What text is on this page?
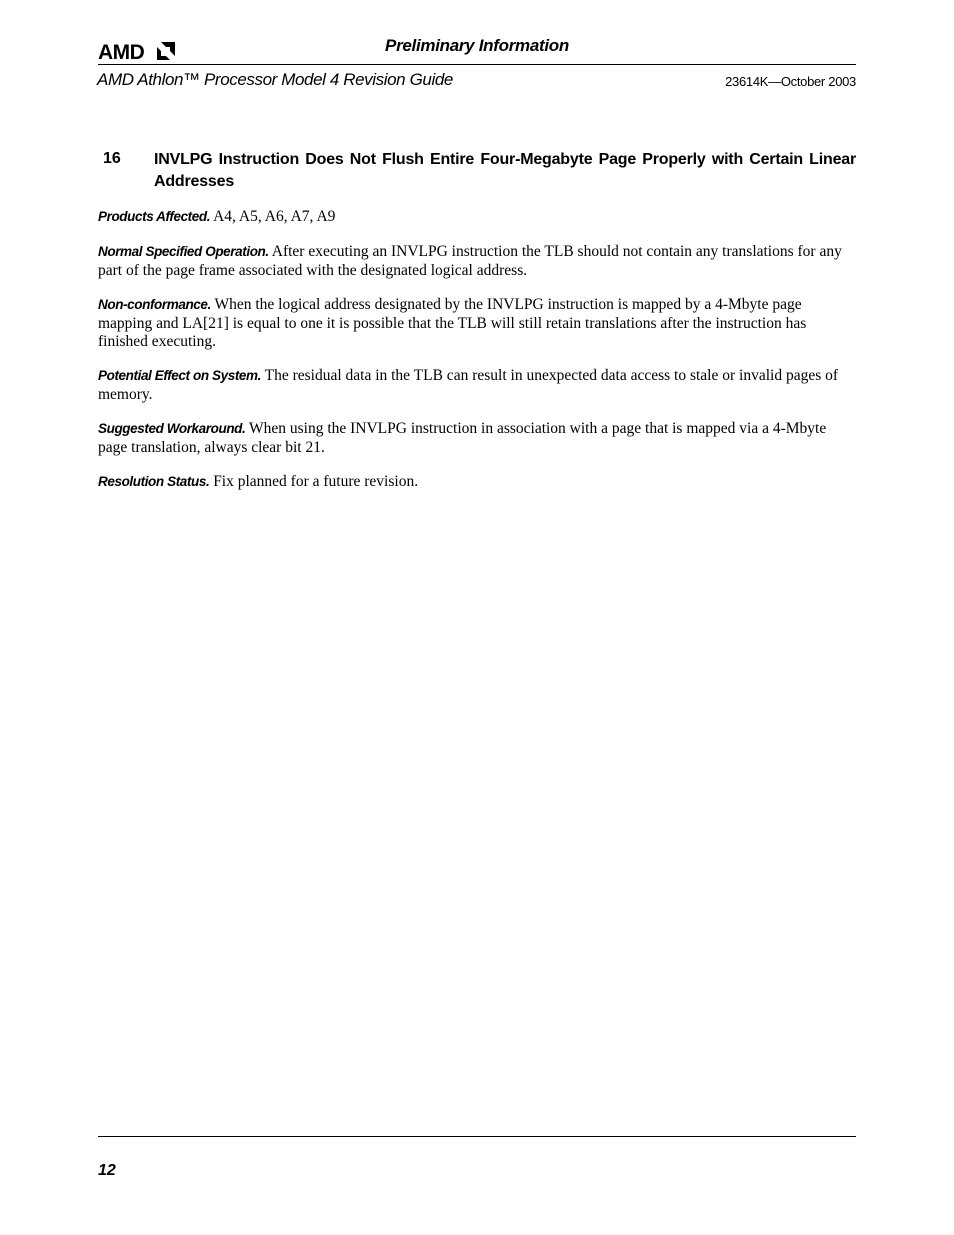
AMD	Preliminary Information
AMD Athlon™ Processor Model 4 Revision Guide	23614K—October 2003
16 INVLPG Instruction Does Not Flush Entire Four-Megabyte Page Properly with Certain Linear Addresses

Products Affected. A4, A5, A6, A7, A9

Normal Specified Operation. After executing an INVLPG instruction the TLB should not contain any translations for any part of the page frame associated with the designated logical address.

Non-conformance. When the logical address designated by the INVLPG instruction is mapped by a 4-Mbyte page mapping and LA[21] is equal to one it is possible that the TLB will still retain translations after the instruction has finished executing.

Potential Effect on System. The residual data in the TLB can result in unexpected data access to stale or invalid pages of memory.

Suggested Workaround. When using the INVLPG instruction in association with a page that is mapped via a 4-Mbyte page translation, always clear bit 21.

Resolution Status. Fix planned for a future revision.

12
